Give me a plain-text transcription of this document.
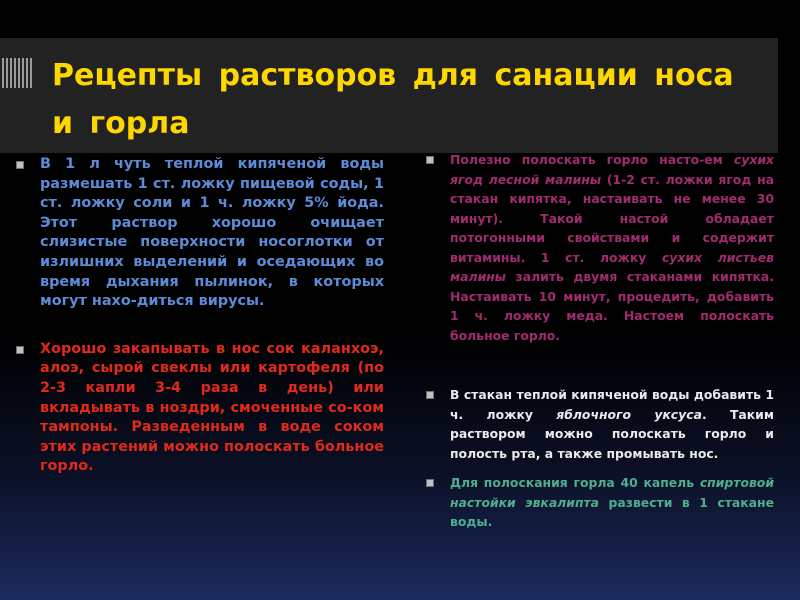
Рецепты растворов для санации носа и горла

В 1 л чуть теплой кипяченой воды размешать 1 ст. ложку пищевой соды, 1 ст. ложку соли и 1 ч. ложку 5% йода. Этот раствор хорошо очищает слизистые поверхности носоглотки от излишних выделений и оседающих во время дыхания пылинок, в которых могут нахо-диться вирусы.

Хорошо закапывать в нос сок каланхоэ, алоэ, сырой свеклы или картофеля (по 2-3 капли 3-4 раза в день) или вкладывать в ноздри, смоченные со-ком тампоны. Разведенным в воде соком этих растений можно полоскать больное горло.

Полезно полоскать горло насто-ем сухих ягод лесной малины (1-2 ст. ложки ягод на стакан кипятка, настаивать не менее 30 минут). Такой настой обладает потогонными свойствами и содержит витамины. 1 ст. ложку сухих листьев малины залить двумя стаканами кипятка. Настаивать 10 минут, процедить, добавить 1 ч. ложку меда. Настоем полоскать больное горло.

В стакан теплой кипяченой воды добавить 1 ч. ложку яблочного уксуса. Таким раствором можно полоскать горло и полость рта, а также промывать нос.

Для полоскания горла 40 капель спиртовой настойки эвкалипта развести в 1 стакане воды.
